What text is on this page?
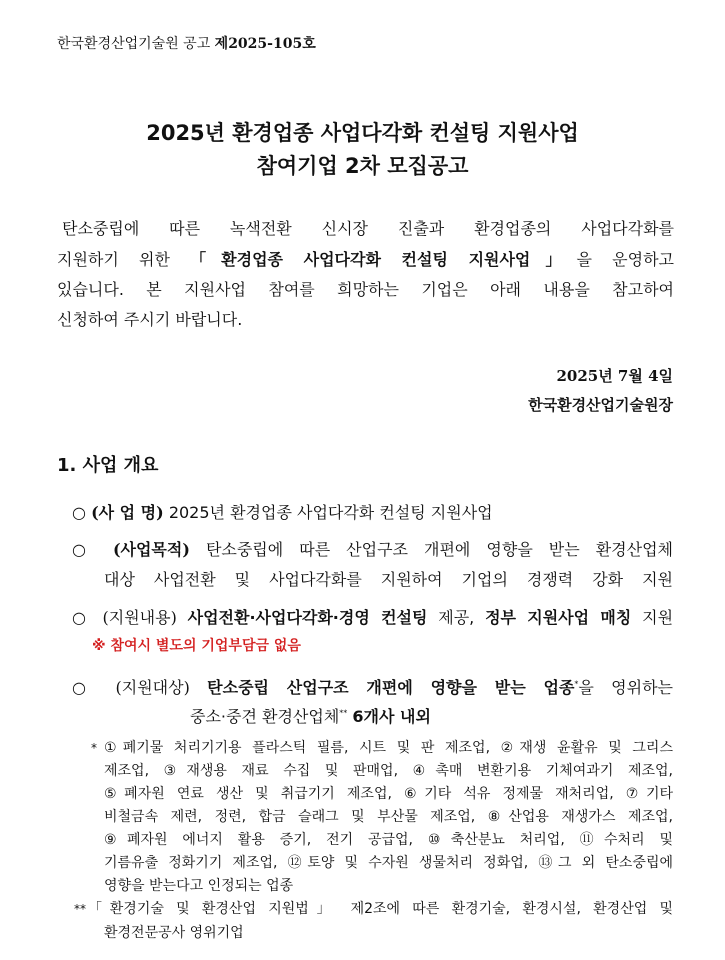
한국환경산업기술원 공고 제2025-105호
2025년 환경업종 사업다각화 컨설팅 지원사업
참여기업 2차 모집공고
탄소중립에 따른 녹색전환 신시장 진출과 환경업종의 사업다각화를
지원하기 위한 「환경업종 사업다각화 컨설팅 지원사업」을 운영하고
있습니다. 본 지원사업 참여를 희망하는 기업은 아래 내용을 참고하여
신청하여 주시기 바랍니다.
2025년 7월 4일
한국환경산업기술원장
1. 사업 개요
○ (사 업 명) 2025년 환경업종 사업다각화 컨설팅 지원사업
○ (사업목적) 탄소중립에 따른 산업구조 개편에 영향을 받는 환경산업체
대상 사업전환 및 사업다각화를 지원하여 기업의 경쟁력 강화 지원
○ (지원내용) 사업전환·사업다각화·경영 컨설팅 제공, 정부 지원사업 매칭 지원
※ 참여시 별도의 기업부담금 없음
○ (지원대상) 탄소중립 산업구조 개편에 영향을 받는 업종*을 영위하는
중소·중견 환경산업체** 6개사 내외
* ①폐기물 처리기기용 플라스틱 필름, 시트 및 판 제조업, ②재생 윤활유 및 그리스
제조업, ③재생용 재료 수집 및 판매업, ④촉매 변환기용 기체여과기 제조업,
⑤폐자원 연료 생산 및 취급기기 제조업, ⑥기타 석유 정제물 재처리업, ⑦기타
비철금속 제련, 정련, 합금 슬래그 및 부산물 제조업, ⑧산업용 재생가스 제조업,
⑨폐자원 에너지 활용 증기, 전기 공급업, ⑩축산분뇨 처리업, ⑪수처리 및
기름유출 정화기기 제조업, ⑫토양 및 수자원 생물처리 정화업, ⑬그 외 탄소중립에
영향을 받는다고 인정되는 업종
** 「환경기술 및 환경산업 지원법」 제2조에 따른 환경기술, 환경시설, 환경산업 및
환경전문공사 영위기업
